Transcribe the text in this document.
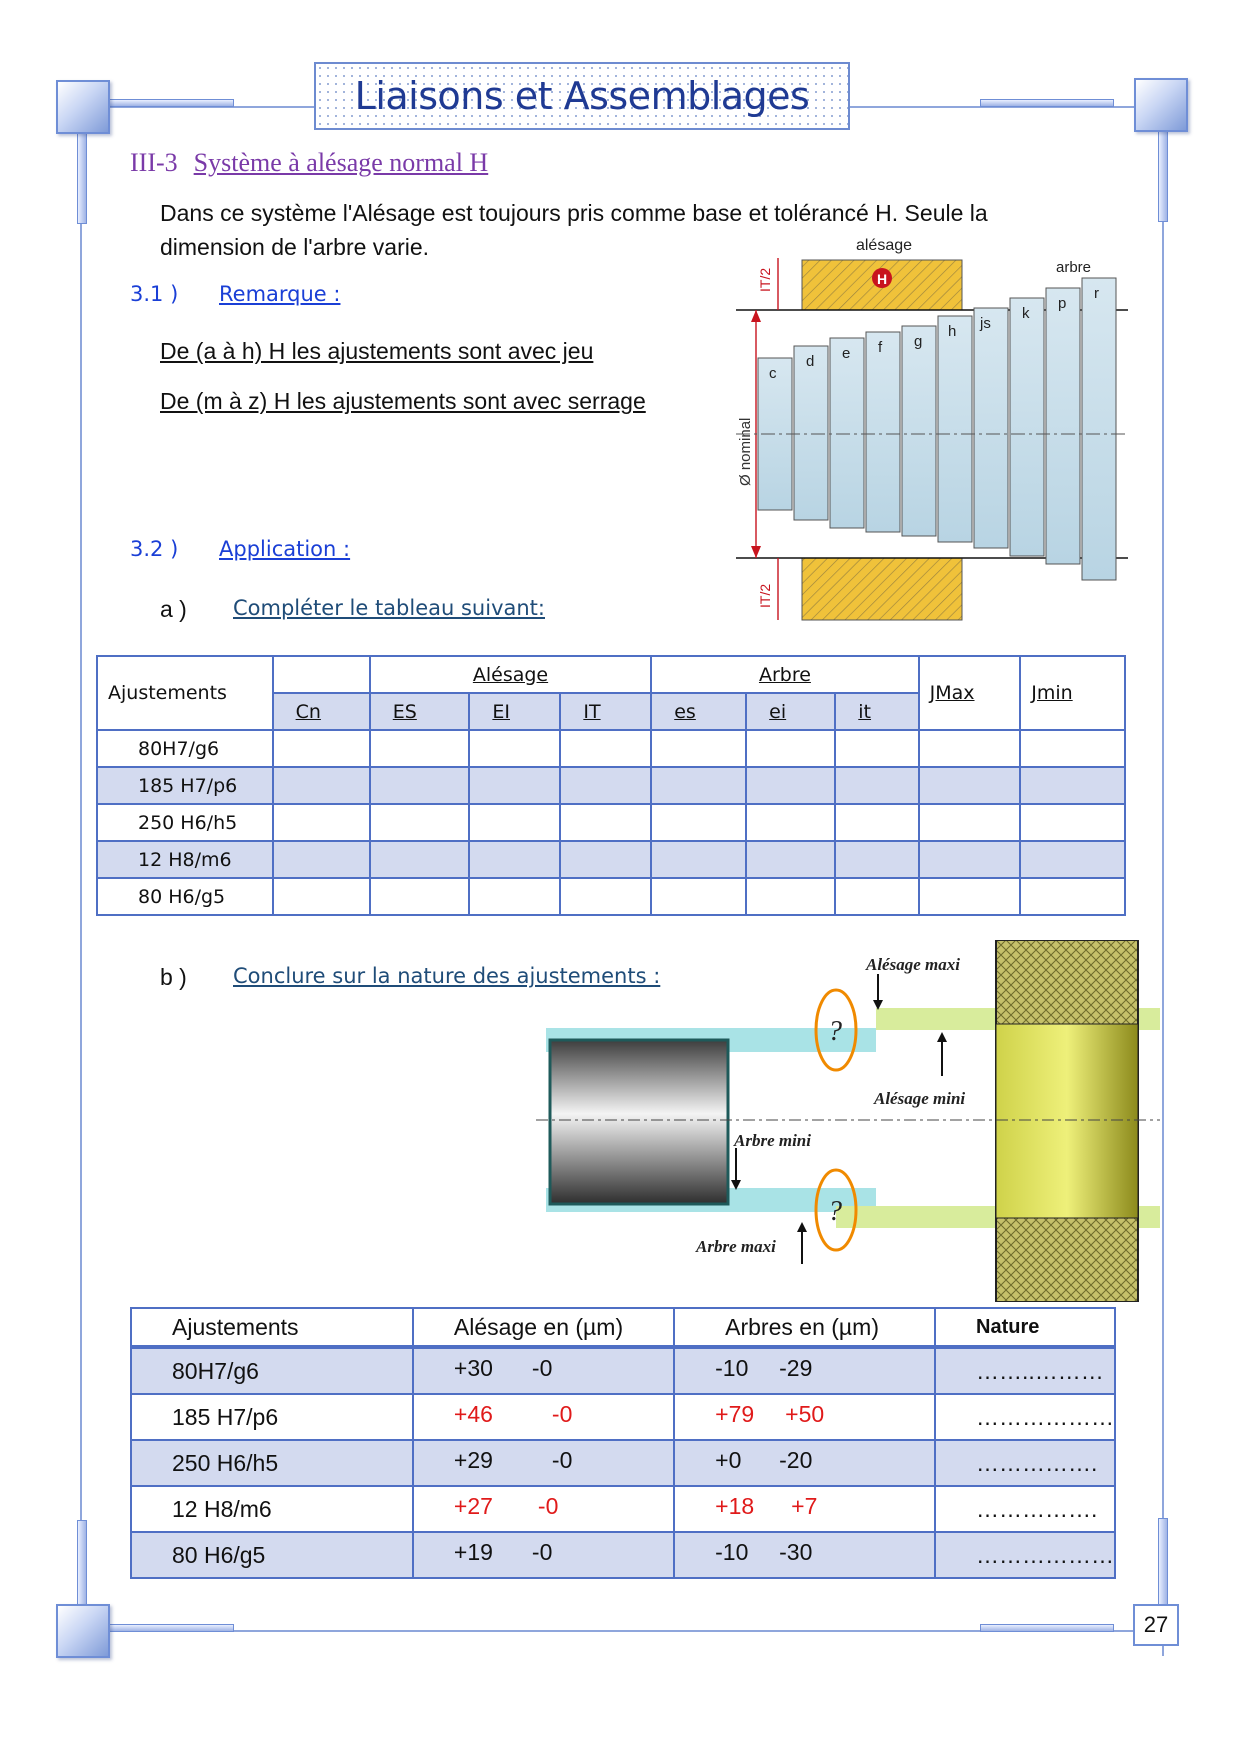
Liaisons et Assemblages
III-3 Système à alésage normal H
Dans ce système l'Alésage est toujours pris comme base et tolérancé H. Seule la dimension de l'arbre varie.
3.1 ) Remarque :
De (a à h) H les ajustements sont avec jeu
De (m à z) H les ajustements sont avec serrage
3.2 ) Application :
a ) Compléter le tableau suivant:
H
alésage
Ø nominal
IT/2
IT/2
c
d e f g
h js
k
p
r
arbre
Ajustements		Alésage			Arbre			JMax	Jmin
	Cn	ES	EI	IT	es	ei	it		
80H7/g6									
185 H7/p6									
250 H6/h5									
12 H8/m6									
80 H6/g5									
b ) Conclure sur la nature des ajustements :
?
?
Alésage maxi
Alésage mini
Arbre mini
Arbre maxi
Ajustements	Alésage en (µm)	Arbres en (µm)	Nature
80H7/g6	+30 -0	-10 -29	……..………
185 H7/p6	+46 -0	+79 +50	………………
250 H6/h5	+29 -0	+0 -20	…………….
12 H8/m6	+27 -0	+18 +7	…………….
80 H6/g5	+19 -0	-10 -30	………………
27
